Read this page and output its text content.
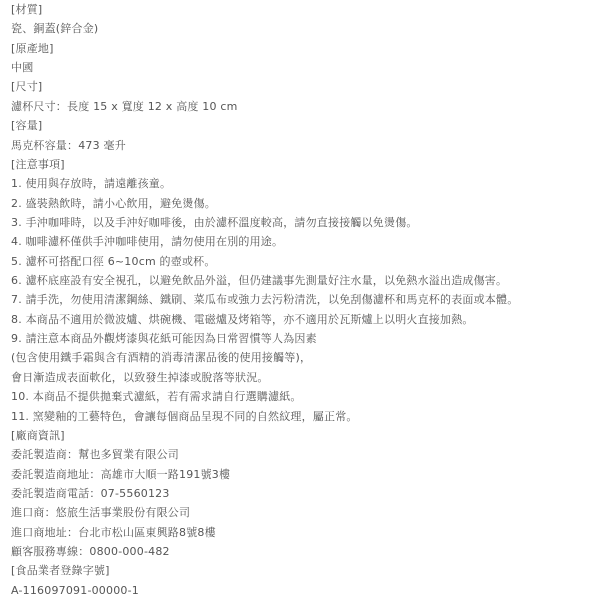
[材質]
瓷、銅蓋(鋅合金)
[原產地]
中國
[尺寸]
濾杯尺寸：長度 15 x 寬度 12 x 高度 10 cm
[容量]
馬克杯容量：473 毫升
[注意事項]
1. 使用與存放時，請遠離孩童。
2. 盛裝熱飲時，請小心飲用，避免燙傷。
3. 手沖咖啡時，以及手沖好咖啡後，由於濾杯溫度較高，請勿直接接觸以免燙傷。
4. 咖啡濾杯僅供手沖咖啡使用，請勿使用在別的用途。
5. 濾杯可搭配口徑 6~10cm 的壺或杯。
6. 濾杯底座設有安全視孔，以避免飲品外溢，但仍建議事先測量好注水量，以免熱水溢出造成傷害。
7. 請手洗，勿使用清潔鋼絲、鐵刷、菜瓜布或強力去污粉清洗，以免刮傷濾杯和馬克杯的表面或本體。
8. 本商品不適用於微波爐、烘碗機、電磁爐及烤箱等，亦不適用於瓦斯爐上以明火直接加熱。
9. 請注意本商品外觀烤漆與花紙可能因為日常習慣等人為因素
(包含使用鐵手霜與含有酒精的消毒清潔品後的使用接觸等)，
會日漸造成表面軟化，以致發生掉漆或脫落等狀況。
10. 本商品不提供拋棄式濾紙，若有需求請自行選購濾紙。
11. 窯變釉的工藝特色，會讓每個商品呈現不同的自然紋理，屬正常。
[廠商資訊]
委託製造商：幫也多貿業有限公司
委託製造商地址：高雄市大順一路191號3樓
委託製造商電話：07-5560123
進口商：悠旅生活事業股份有限公司
進口商地址：台北市松山區東興路8號8樓
顧客服務專線：0800-000-482
[食品業者登錄字號]
A-116097091-00000-1
